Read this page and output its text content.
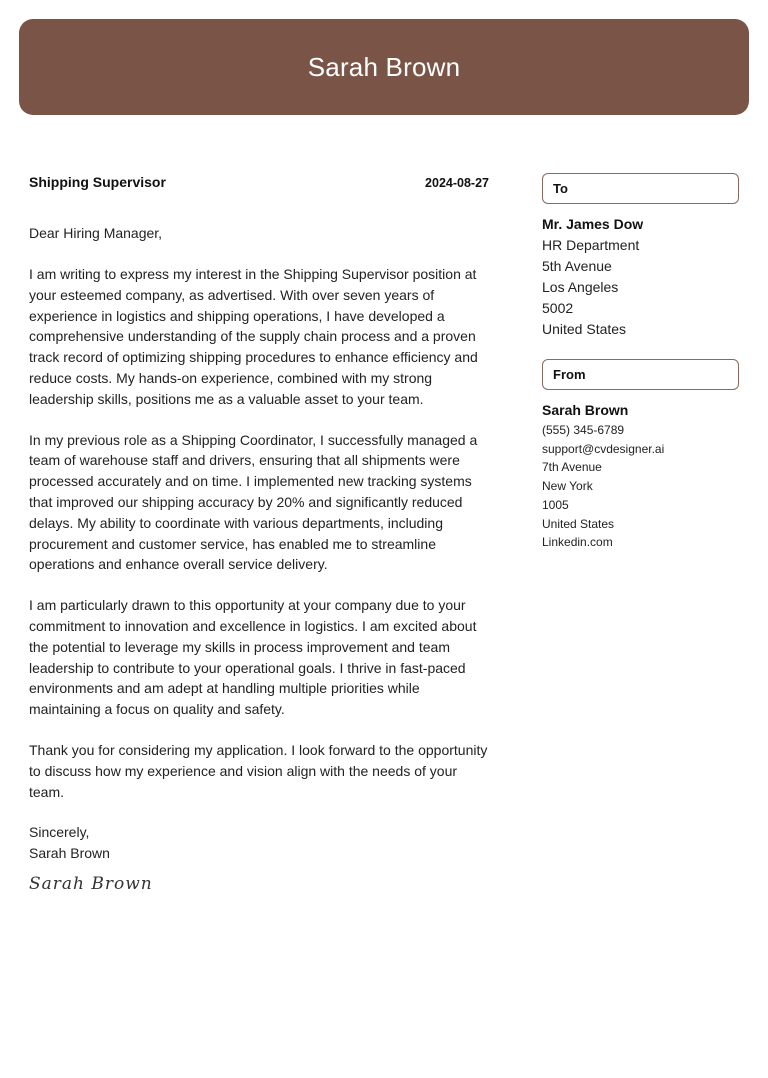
Sarah Brown
Shipping Supervisor	2024-08-27
Dear Hiring Manager,

I am writing to express my interest in the Shipping Supervisor position at your esteemed company, as advertised. With over seven years of experience in logistics and shipping operations, I have developed a comprehensive understanding of the supply chain process and a proven track record of optimizing shipping procedures to enhance efficiency and reduce costs. My hands-on experience, combined with my strong leadership skills, positions me as a valuable asset to your team.

In my previous role as a Shipping Coordinator, I successfully managed a team of warehouse staff and drivers, ensuring that all shipments were processed accurately and on time. I implemented new tracking systems that improved our shipping accuracy by 20% and significantly reduced delays. My ability to coordinate with various departments, including procurement and customer service, has enabled me to streamline operations and enhance overall service delivery.

I am particularly drawn to this opportunity at your company due to your commitment to innovation and excellence in logistics. I am excited about the potential to leverage my skills in process improvement and team leadership to contribute to your operational goals. I thrive in fast-paced environments and am adept at handling multiple priorities while maintaining a focus on quality and safety.

Thank you for considering my application. I look forward to the opportunity to discuss how my experience and vision align with the needs of your team.

Sincerely,
Sarah Brown
Sarah Brown
To
Mr. James Dow
HR Department
5th Avenue
Los Angeles
5002
United States
From
Sarah Brown
(555) 345-6789
support@cvdesigner.ai
7th Avenue
New York
1005
United States
Linkedin.com
